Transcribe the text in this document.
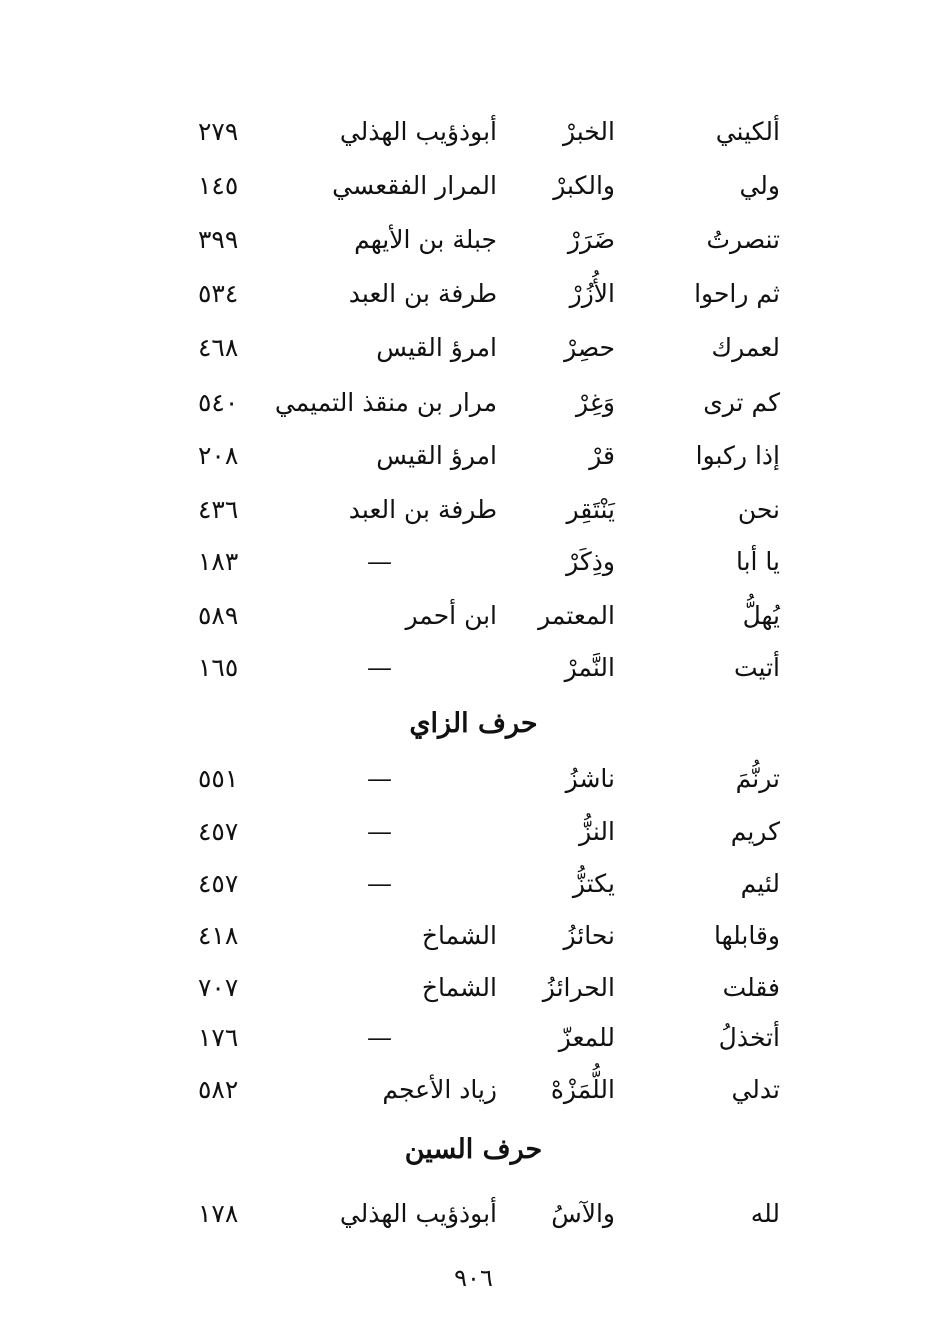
ألكيني
الخبرْ
أبوذؤيب الهذلي
٢٧٩
ولي
والكبرْ
المرار الفقعسي
١٤٥
تنصرتُ
ضَرَرْ
جبلة بن الأيهم
٣٩٩
ثم راحوا
الأُزُرْ
طرفة بن العبد
٥٣٤
لعمرك
حصِرْ
امرؤ القيس
٤٦٨
كم ترى
وَغِرْ
مرار بن منقذ التميمي
٥٤٠
إذا ركبوا
قرْ
امرؤ القيس
٢٠٨
نحن
يَنْتَقِر
طرفة بن العبد
٤٣٦
يا أبا
وذِكَرْ
—
١٨٣
يُهلُّ
المعتمر
ابن أحمر
٥٨٩
أتيت
النَّمرْ
—
١٦٥
حرف الزاي
ترنُّمَ
ناشزُ
—
٥٥١
كريم
النزُّ
—
٤٥٧
لئيم
يكتزُّ
—
٤٥٧
وقابلها
نحائزُ
الشماخ
٤١٨
فقلت
الحرائزُ
الشماخ
٧٠٧
أتخذلُ
للمعزّ
—
١٧٦
تدلي
اللُّمَزْهْ
زياد الأعجم
٥٨٢
حرف السين
لله
والآسُ
أبوذؤيب الهذلي
١٧٨
٩٠٦
